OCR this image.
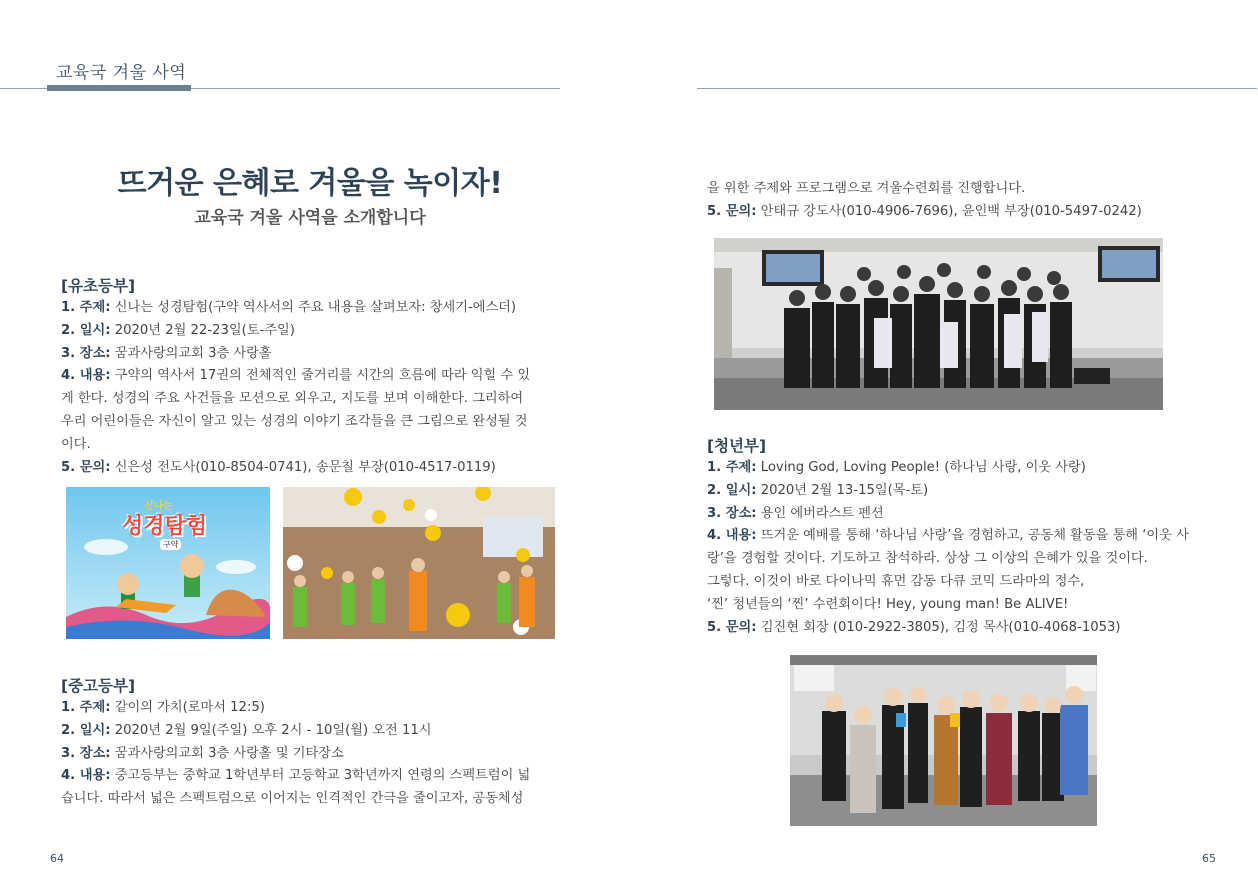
교육국 겨울 사역
뜨거운 은혜로 겨울을 녹이자!
교육국 겨울 사역을 소개합니다

[유초등부]

1. 주제: 신나는 성경탐험(구약 역사서의 주요 내용을 살펴보자: 창세기-에스더)

2. 일시: 2020년 2월 22-23일(토-주일)

3. 장소: 꿈과사랑의교회 3층 사랑홀

4. 내용: 구약의 역사서 17권의 전체적인 줄거리를 시간의 흐름에 따라 익힐 수 있

게 한다. 성경의 주요 사건들을 모션으로 외우고, 지도를 보며 이해한다. 그리하여

우리 어린이들은 자신이 알고 있는 성경의 이야기 조각들을 큰 그림으로 완성될 것

이다.

5. 문의: 신은성 전도사(010-8504-0741), 송문칠 부장(010-4517-0119)

신나는
성경탐험
구약

[중고등부]

1. 주제: 같이의 가치(로마서 12:5)

2. 일시: 2020년 2월 9일(주일) 오후 2시 - 10일(월) 오전 11시

3. 장소: 꿈과사랑의교회 3층 사랑홀 및 기타장소

4. 내용: 중고등부는 중학교 1학년부터 고등학교 3학년까지 연령의 스펙트럼이 넓

습니다. 따라서 넓은 스펙트럼으로 이어지는 인격적인 간극을 줄이고자, 공동체성

64

을 위한 주제와 프로그램으로 겨울수련회를 진행합니다.

5. 문의: 안태규 강도사(010-4906-7696), 윤인백 부장(010-5497-0242)

[청년부]

1. 주제: Loving God, Loving People! (하나님 사랑, 이웃 사랑)

2. 일시: 2020년 2월 13-15일(목-토)

3. 장소: 용인 에버라스트 펜션

4. 내용: 뜨거운 예배를 통해 ‘하나님 사랑’을 경험하고, 공동체 활동을 통해 ‘이웃 사

랑’을 경험할 것이다. 기도하고 참석하라. 상상 그 이상의 은혜가 있을 것이다.

그렇다. 이것이 바로 다이나믹 휴먼 감동 다큐 코믹 드라마의 정수,

‘찐’ 청년들의 ‘찐’ 수련회이다! Hey, young man! Be ALIVE!

5. 문의: 김진현 회장 (010-2922-3805), 김정 목사(010-4068-1053)

65
